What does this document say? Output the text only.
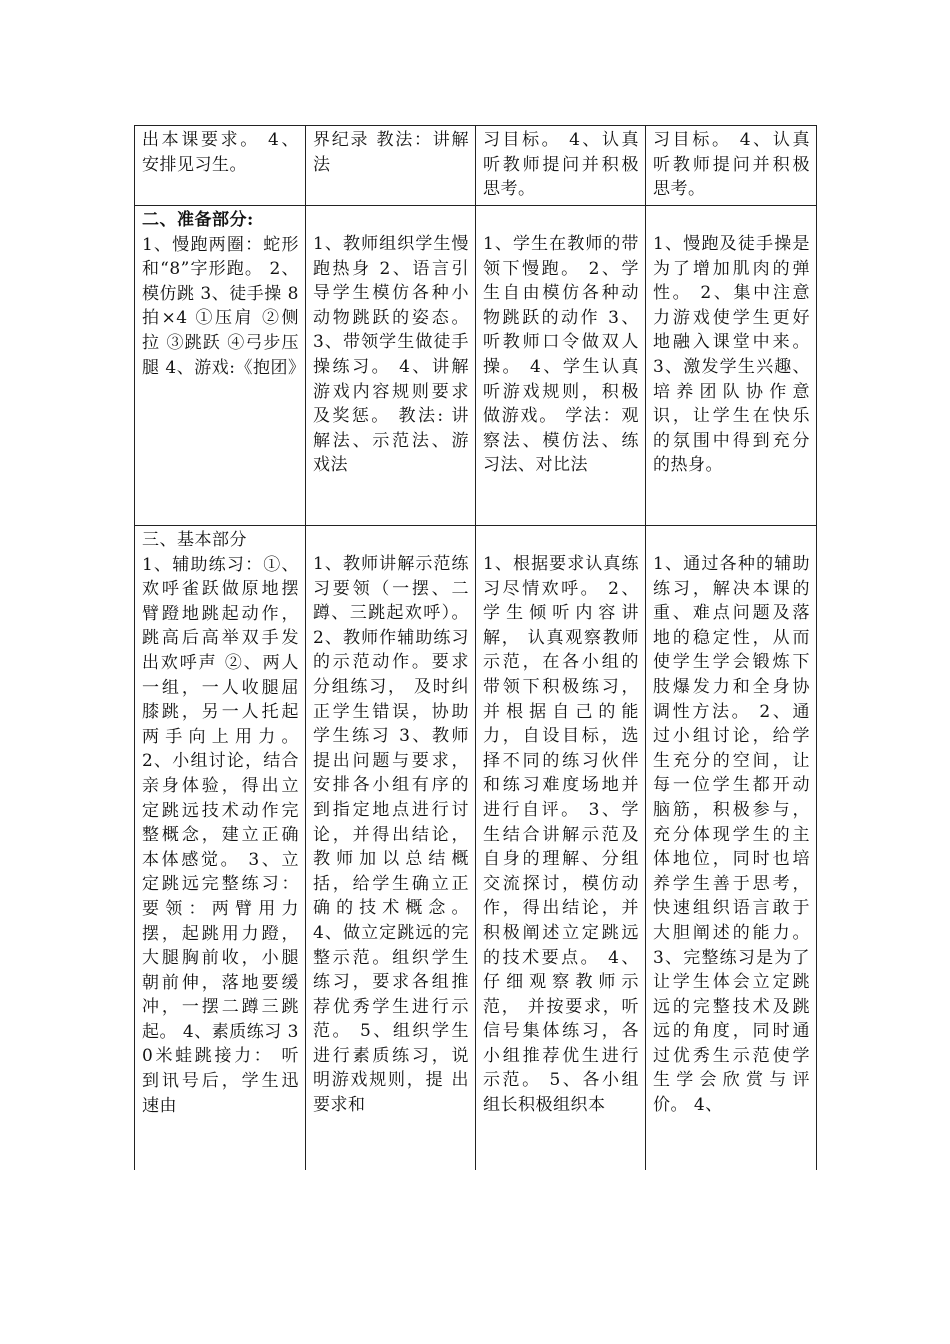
出本课要求。 4、安排见习生。	界纪录 教法：讲解法	习目标。 4、认真听教师提问并积极思考。	习目标。 4、认真听教师提问并积极思考。

二、准备部分:
1、慢跑两圈：蛇形和“8”字形跑。 2、模仿跳 3、徒手操 8拍×4 ①压肩 ②侧拉 ③跳跃 ④弓步压腿 4、游戏:《抱团》	1、教师组织学生慢跑热身 2、语言引导学生模仿各种小动物跳跃的姿态。 3、带领学生做徒手操练习。 4、讲解游戏内容规则要求及奖惩。 教法: 讲解法、示范法、游戏法	1、学生在教师的带领下慢跑。 2、学生自由模仿各种动物跳跃的动作 3、听教师口令做双人操。 4、学生认真听游戏规则，积极做游戏。 学法：观察法、模仿法、练习法、对比法	1、慢跑及徒手操是为了增加肌肉的弹性。 2、集中注意力游戏使学生更好地融入课堂中来。 3、激发学生兴趣、培养团队协作意识，让学生在快乐的氛围中得到充分的热身。

三、基本部分
1、辅助练习：①、欢呼雀跃做原地摆臂蹬地跳起动作，跳高后高举双手发出欢呼声 ②、两人一组，一人收腿屈膝跳，另一人托起两手向上用力。 2、小组讨论，结合亲身体验，得出立定跳远技术动作完整概念，建立正确本体感觉。 3、立定跳远完整练习：要领：两臂用力摆，起跳用力蹬，大腿胸前收，小腿朝前伸，落地要缓冲，一摆二蹲三跳起。 4、素质练习 30米蛙跳接力： 听到讯号后，学生迅速由	1、教师讲解示范练习要领（一摆、二蹲、三跳起欢呼）。 2、教师作辅助练习的示范动作。要求分组练习， 及时纠正学生错误，协助学生练习 3、教师提出问题与要求，安排各小组有序的到指定地点进行讨论，并得出结论，教师加以总结概括，给学生确立正确的技术概念。 4、做立定跳远的完整示范。组织学生练习，要求各组推荐优秀学生进行示范。 5、组织学生进行素质练习，说明游戏规则，提 出要求和	1、根据要求认真练习尽情欢呼。 2、学生倾听内容讲解， 认真观察教师示范，在各小组的带领下积极练习，并根据自己的能力，自设目标，选择不同的练习伙伴和练习难度场地并进行自评。 3、学生结合讲解示范及自身的理解、分组交流探讨，模仿动作，得出结论，并积极阐述立定跳远的技术要点。 4、仔细观察教师示范， 并按要求，听信号集体练习，各小组推荐优生进行示范。 5、各小组组长积极组织本	1、通过各种的辅助练习，解决本课的重、难点问题及落地的稳定性，从而使学生学会锻炼下肢爆发力和全身协调性方法。 2、通过小组讨论，给学生充分的空间，让每一位学生都开动脑筋，积极参与，充分体现学生的主体地位，同时也培养学生善于思考，快速组织语言敢于大胆阐述的能力。 3、完整练习是为了让学生体会立定跳远的完整技术及跳远的角度，同时通过优秀生示范使学生学会欣赏与评价。 4、
